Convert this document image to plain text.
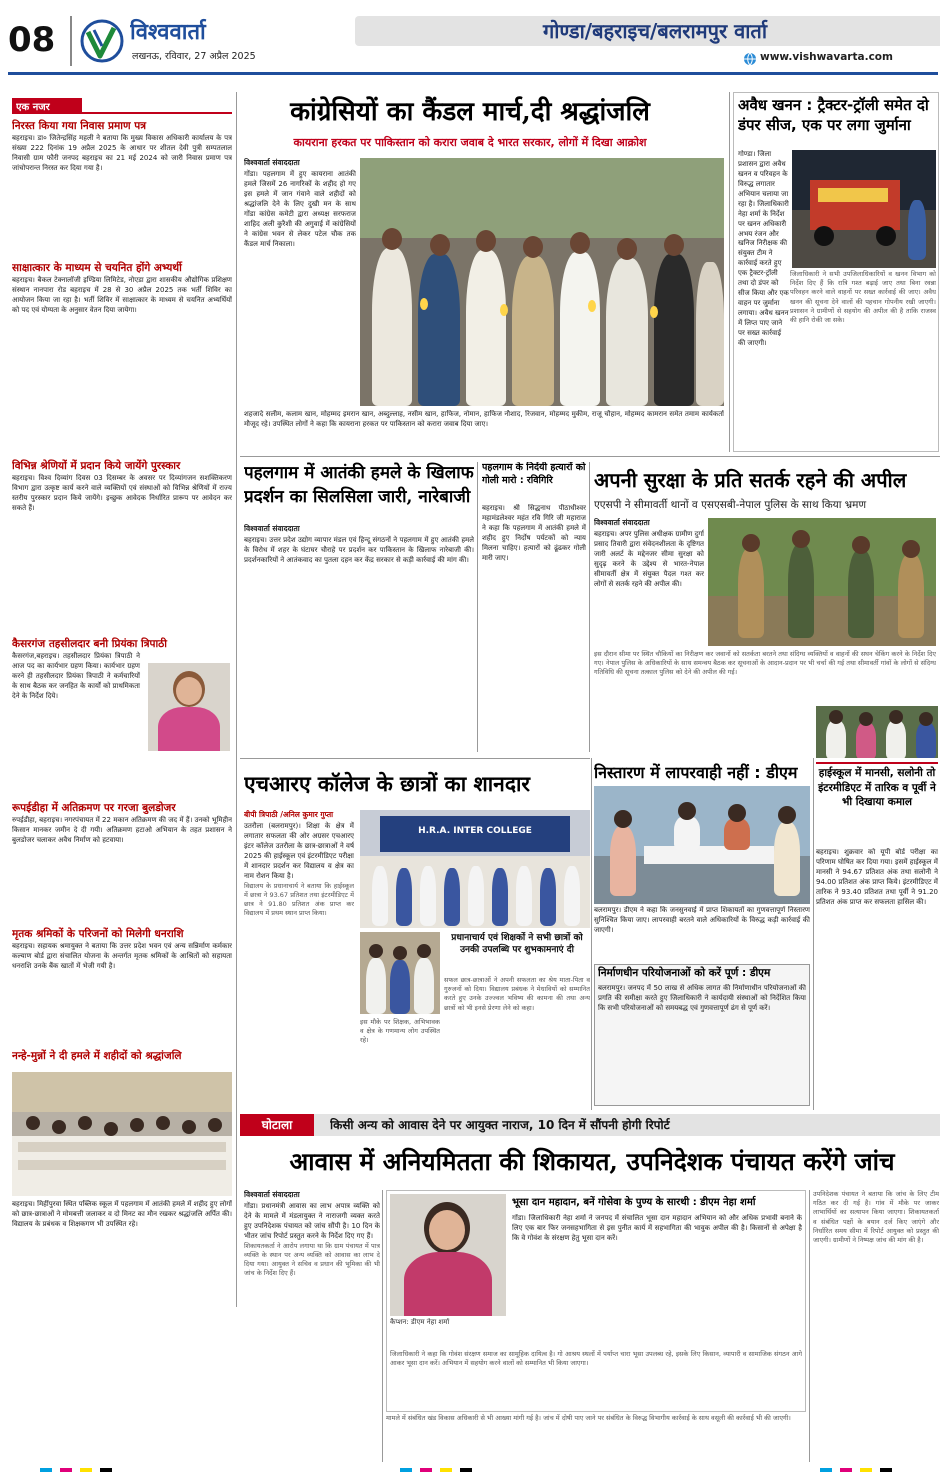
08	विश्ववार्ता
लखनऊ, रविवार, 27 अप्रैल 2025
गोण्डा/बहराइच/बलरामपुर वार्ता
www.vishwavarta.com
एक नजर
निरस्त किया गया निवास प्रमाण पत्र
बहराइच। डा० जितेन्द्रसिंह महली ने बताया कि मुख्य विकास अधिकारी कार्यालय के पत्र संख्या 222 दिनांक 19 अप्रैल 2025 के आधार पर शीतल देवी पुत्री सम्पतलाल निवासी ग्राम फौरी जनपद बहराइच का 21 मई 2024 को जारी निवास प्रमाण पत्र जांचोपरान्त निरस्त कर दिया गया है।
साक्षात्कार के माध्यम से चयनित होंगे अभ्यर्थी
बहराइच। बैकल टेक्नालॉजी इण्डिया लिमिटेड, नोएडा द्वारा शासकीय औद्योगिक प्रशिक्षण संस्थान नानपारा रोड बहराइच में 28 से 30 अप्रैल 2025 तक भर्ती शिविर का आयोजन किया जा रहा है। भर्ती शिविर में साक्षात्कार के माध्यम से चयनित अभ्यर्थियों को पद एवं योग्यता के अनुसार वेतन दिया जायेगा।
विभिन्न श्रेणियों में प्रदान किये जायेंगे पुरस्कार
बहराइच। विश्व दिव्यांग दिवस 03 दिसम्बर के अवसर पर दिव्यांगजन सशक्तिकरण विभाग द्वारा उत्कृष्ट कार्य करने वाले व्यक्तियों एवं संस्थाओं को विभिन्न श्रेणियों में राज्य स्तरीय पुरस्कार प्रदान किये जायेंगे। इच्छुक आवेदक निर्धारित प्रारूप पर आवेदन कर सकते हैं।
कैसरगंज तहसीलदार बनी प्रियंका त्रिपाठी
कैसरगंज,बहराइच। तहसीलदार प्रियंका त्रिपाठी ने आज पद का कार्यभार ग्रहण किया। कार्यभार ग्रहण करने ही तहसीलदार प्रियंका त्रिपाठी ने कर्मचारियों के साथ बैठक कर जनहित के कार्यों को प्राथमिकता देने के निर्देश दिये।
रूपईडीहा में अतिक्रमण पर गरजा बुलडोजर
रुपईडीहा, बहराइच। नगरपंचायत में 22 मकान अतिक्रमण की जद में हैं। उनको भूमिहीन किसान मानकर जमीन दे दी गयी। अतिक्रमण हटाओ अभियान के तहत प्रशासन ने बुलडोजर चलाकर अवैध निर्माण को हटवाया।
मृतक श्रमिकों के परिजनों को मिलेगी धनराशि
बहराइच। सहायक श्रमायुक्त ने बताया कि उत्तर प्रदेश भवन एवं अन्य सन्निर्माण कर्मकार कल्याण बोर्ड द्वारा संचालित योजना के अन्तर्गत मृतक श्रमिकों के आश्रितों को सहायता धनराशि उनके बैंक खातों में भेजी गयी है।
नन्हे-मुन्नों ने दी हमले में शहीदों को श्रद्धांजलि
बहराइच। मिहींपुरवा स्थित पब्लिक स्कूल में पहलगाम में आतंकी हमले में शहीद हुए लोगों को छात्र-छात्राओं ने मोमबत्ती जलाकर व दो मिनट का मौन रखकर श्रद्धांजलि अर्पित की। विद्यालय के प्रबंधक व शिक्षकगण भी उपस्थित रहे।
कांग्रेसियों का कैंडल मार्च,दी श्रद्धांजलि
कायराना हरकत पर पाकिस्तान को करारा जवाब दे भारत सरकार, लोगों में दिखा आक्रोश
विश्ववार्ता संवाददाता
गोंडा। पहलगाम में हुए कायराना आतंकी हमले जिसमें 26 नागरिकों के शहीद हो गए इस हमले में जान गंवाने वाले शहीदों को श्रद्धांजलि देने के लिए दुखी मन के साथ गोंडा कांग्रेस कमेटी द्वारा अध्यक्ष सरफराज शाहिद अली कुरैशी की अगुवाई में कांग्रेसियों ने कांग्रेस भवन से लेकर पटेल चौक तक कैंडल मार्च निकाला।
शहजादे सलीम, कलाम खान, मोहम्मद इमरान खान, अब्दुल्लाह, नसीम खान, हाफिज, नोमान, हाफिज नौशाद, रिजवान, मोहम्मद मुकीम, राजू चौहान, मोहम्मद कामरान समेत तमाम कार्यकर्ता मौजूद रहे। उपस्थित लोगों ने कहा कि कायराना हरकत पर पाकिस्तान को करारा जवाब दिया जाए।
अवैध खनन : ट्रैक्टर-ट्रॉली समेत दो डंपर सीज, एक पर लगा जुर्माना
गोण्डा। जिला प्रशासन द्वारा अवैध खनन व परिवहन के विरुद्ध लगातार अभियान चलाया जा रहा है। जिलाधिकारी नेहा शर्मा के निर्देश पर खनन अधिकारी अभय रंजन और खनिज निरीक्षक की संयुक्त टीम ने कार्रवाई करते हुए एक ट्रैक्टर-ट्रॉली तथा दो डंपर को सीज किया और एक वाहन पर जुर्माना लगाया। अवैध खनन में लिप्त पाए जाने पर सख्त कार्रवाई की जाएगी।
जिलाधिकारी ने सभी उपजिलाधिकारियों व खनन विभाग को निर्देश दिए हैं कि रात्रि गश्त बढ़ाई जाए तथा बिना रवन्ना परिवहन करने वाले वाहनों पर सख्त कार्रवाई की जाए। अवैध खनन की सूचना देने वालों की पहचान गोपनीय रखी जाएगी। प्रशासन ने ग्रामीणों से सहयोग की अपील की है ताकि राजस्व की हानि रोकी जा सके।
पहलगाम में आतंकी हमले के खिलाफ प्रदर्शन का सिलसिला जारी, नारेबाजी
विश्ववार्ता संवाददाता
बहराइच। उत्तर प्रदेश उद्योग व्यापार मंडल एवं हिन्दू संगठनों ने पहलगाम में हुए आतंकी हमले के विरोध में शहर के घंटाघर चौराहे पर प्रदर्शन कर पाकिस्तान के खिलाफ नारेबाजी की। प्रदर्शनकारियों ने आतंकवाद का पुतला दहन कर केंद्र सरकार से कड़ी कार्रवाई की मांग की।
पहलगाम के निर्दयी हत्यारों को गोली मारो : रविगिरि
बहराइच। श्री सिद्धनाथ पीठाधीश्वर महामंडलेश्वर महंत रवि गिरि जी महाराज ने कहा कि पहलगाम में आतंकी हमले में शहीद हुए निर्दोष पर्यटकों को न्याय मिलना चाहिए। हत्यारों को ढूंढकर गोली मारी जाए।
अपनी सुरक्षा के प्रति सतर्क रहने की अपील
एएसपी ने सीमावर्ती थानों व एसएसबी-नेपाल पुलिस के साथ किया भ्रमण
विश्ववार्ता संवाददाता
बहराइच। अपर पुलिस अधीक्षक ग्रामीण दुर्गा प्रसाद तिवारी द्वारा संवेदनशीलता के दृष्टिगत जारी अलर्ट के मद्देनजर सीमा सुरक्षा को सुदृढ़ करने के उद्देश्य से भारत-नेपाल सीमावर्ती क्षेत्र में संयुक्त पैदल गश्त कर लोगों से सतर्क रहने की अपील की।
इस दौरान सीमा पर स्थित चौकियों का निरीक्षण कर जवानों को सतर्कता बरतने तथा संदिग्ध व्यक्तियों व वाहनों की सघन चेकिंग करने के निर्देश दिए गए। नेपाल पुलिस के अधिकारियों के साथ समन्वय बैठक कर सूचनाओं के आदान-प्रदान पर भी चर्चा की गई तथा सीमावर्ती गांवों के लोगों से संदिग्ध गतिविधि की सूचना तत्काल पुलिस को देने की अपील की गई।
एचआरए कॉलेज के छात्रों का शानदार
बीपी त्रिपाठी /अनिल कुमार गुप्ता
उतरौला (बलरामपुर)। शिक्षा के क्षेत्र में लगातार सफलता की ओर अग्रसर एचआरए इंटर कॉलेज उतरौला के छात्र-छात्राओं ने वर्ष 2025 की हाईस्कूल एवं इंटरमीडिएट परीक्षा में शानदार प्रदर्शन कर विद्यालय व क्षेत्र का नाम रोशन किया है।
विद्यालय के प्रधानाचार्य ने बताया कि हाईस्कूल में छात्रा ने 93.67 प्रतिशत तथा इंटरमीडिएट में छात्र ने 91.80 प्रतिशत अंक प्राप्त कर विद्यालय में प्रथम स्थान प्राप्त किया।
H.R.A. INTER COLLEGE
प्रधानाचार्य एवं शिक्षकों ने सभी छात्रों को उनकी उपलब्धि पर शुभकामनाएं दी
सफल छात्र-छात्राओं ने अपनी सफलता का श्रेय माता-पिता व गुरुजनों को दिया। विद्यालय प्रबंधक ने मेधावियों को सम्मानित करते हुए उनके उज्ज्वल भविष्य की कामना की तथा अन्य छात्रों को भी इनसे प्रेरणा लेने को कहा।
इस मौके पर शिक्षक, अभिभावक व क्षेत्र के गणमान्य लोग उपस्थित रहे।
निस्तारण में लापरवाही नहीं : डीएम
बलरामपुर। डीएम ने कहा कि जनसुनवाई में प्राप्त शिकायतों का गुणवत्तापूर्ण निस्तारण सुनिश्चित किया जाए। लापरवाही बरतने वाले अधिकारियों के विरुद्ध कड़ी कार्रवाई की जाएगी।
निर्माणधीन परियोजनाओं को करें पूर्ण : डीएम
बलरामपुर। जनपद में 50 लाख से अधिक लागत की निर्माणाधीन परियोजनाओं की प्रगति की समीक्षा करते हुए जिलाधिकारी ने कार्यदायी संस्थाओं को निर्देशित किया कि सभी परियोजनाओं को समयबद्ध एवं गुणवत्तापूर्ण ढंग से पूर्ण करें।
हाईस्कूल में मानसी, सलोनी तो इंटरमीडिएट में तारिक व पूर्वी ने भी दिखाया कमाल
बहराइच। शुक्रवार को यूपी बोर्ड परीक्षा का परिणाम घोषित कर दिया गया। इसमें हाईस्कूल में मानसी ने 94.67 प्रतिशत अंक तथा सलोनी ने 94.00 प्रतिशत अंक प्राप्त किये। इंटरमीडिएट में तारिक ने 93.40 प्रतिशत तथा पूर्वी ने 91.20 प्रतिशत अंक प्राप्त कर सफलता हासिल की।
घोटाला	किसी अन्य को आवास देने पर आयुक्त नाराज, 10 दिन में सौंपनी होगी रिपोर्ट
आवास में अनियमितता की शिकायत, उपनिदेशक पंचायत करेंगे जांच
विश्ववार्ता संवाददाता
गोंडा। प्रधानमंत्री आवास का लाभ अपात्र व्यक्ति को देने के मामले में मंडलायुक्त ने नाराजगी व्यक्त करते हुए उपनिदेशक पंचायत को जांच सौंपी है। 10 दिन के भीतर जांच रिपोर्ट प्रस्तुत करने के निर्देश दिए गए हैं।
शिकायतकर्ता ने आरोप लगाया था कि ग्राम पंचायत में पात्र व्यक्ति के स्थान पर अन्य व्यक्ति को आवास का लाभ दे दिया गया। आयुक्त ने सचिव व प्रधान की भूमिका की भी जांच के निर्देश दिए हैं।
भूसा दान महादान, बनें गोसेवा के पुण्य के सारथी : डीएम नेहा शर्मा
कैप्शन: डीएम नेहा शर्मा
गोंडा। जिलाधिकारी नेहा शर्मा ने जनपद में संचालित भूसा दान महादान अभियान को और अधिक प्रभावी बनाने के लिए एक बार फिर जनसहभागिता से इस पुनीत कार्य में सहभागिता की भावुक अपील की है। किसानों से अपेक्षा है कि वे गोवंश के संरक्षण हेतु भूसा दान करें।
जिलाधिकारी ने कहा कि गोवंश संरक्षण समाज का सामूहिक दायित्व है। गो आश्रय स्थलों में पर्याप्त चारा भूसा उपलब्ध रहे, इसके लिए किसान, व्यापारी व सामाजिक संगठन आगे आकर भूसा दान करें। अभियान में सहयोग करने वालों को सम्मानित भी किया जाएगा।
मामले में संबंधित खंड विकास अधिकारी से भी आख्या मांगी गई है। जांच में दोषी पाए जाने पर संबंधित के विरुद्ध विभागीय कार्रवाई के साथ वसूली की कार्रवाई भी की जाएगी।
उपनिदेशक पंचायत ने बताया कि जांच के लिए टीम गठित कर दी गई है। गांव में मौके पर जाकर लाभार्थियों का सत्यापन किया जाएगा। शिकायतकर्ता व संबंधित पक्षों के बयान दर्ज किए जाएंगे और निर्धारित समय सीमा में रिपोर्ट आयुक्त को प्रस्तुत की जाएगी। ग्रामीणों ने निष्पक्ष जांच की मांग की है।
